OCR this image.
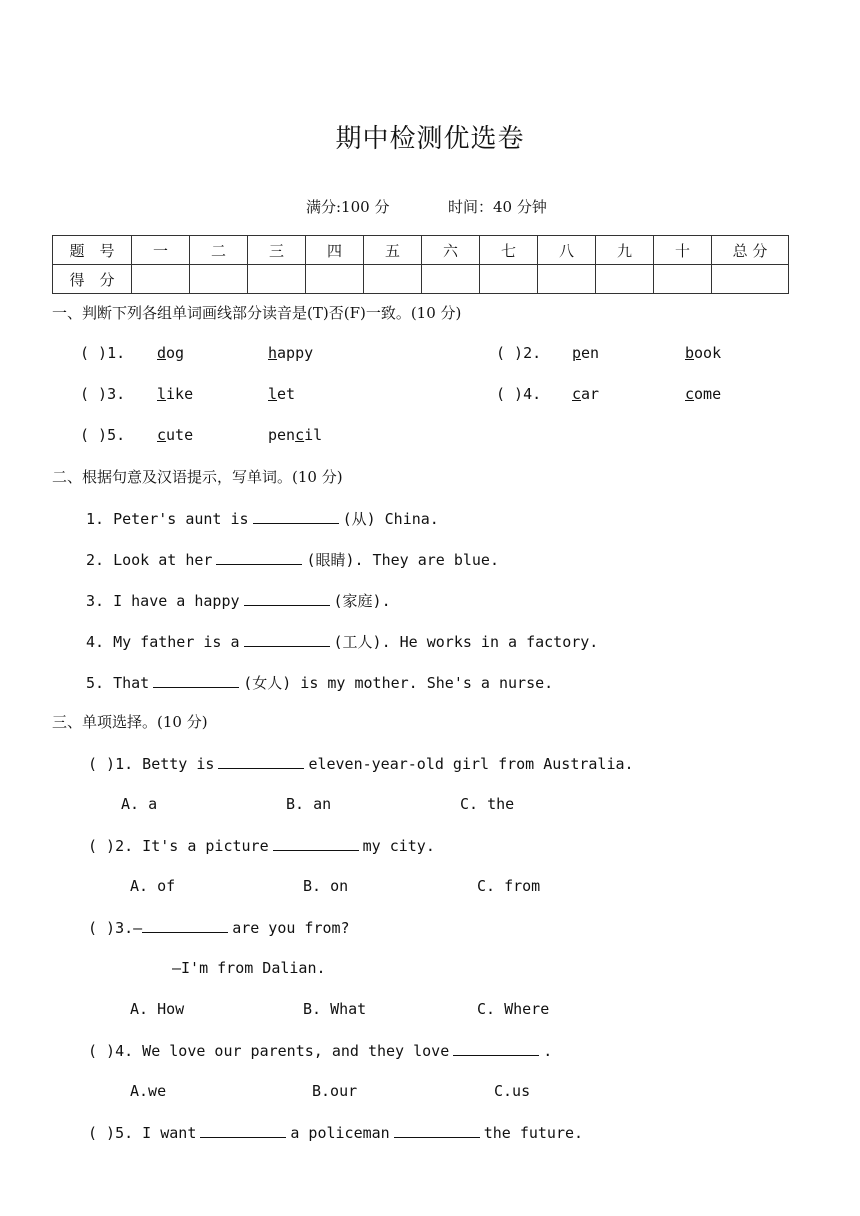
期中检测优选卷
满分:100 分	时间：40 分钟
题　号	一	二	三	四	五	六	七	八	九	十	总 分
得　分											
一、判断下列各组单词画线部分读音是(T)否(F)一致。(10 分)
( )1. dog	happy	( )2. pen	book
( )3. like	let	( )4. car	come
( )5. cute	pencil
二、根据句意及汉语提示，写单词。(10 分)
1. Peter's aunt is	(从) China.
2. Look at her	(眼睛). They are blue.
3. I have a happy	(家庭).
4. My father is a	(工人). He works in a factory.
5. That	(女人) is my mother. She's a nurse.
三、单项选择。(10 分)
( )1. Betty is	eleven-year-old girl from Australia.
A. a	B. an	C. the
( )2. It's a picture	my city.
A. of	B. on	C. from
( )3.—	are you from?
—I'm from Dalian.
A. How	B. What	C. Where
( )4. We love our parents, and they love	.
A.we	B.our	C.us
( )5. I want	a policeman	the future.
